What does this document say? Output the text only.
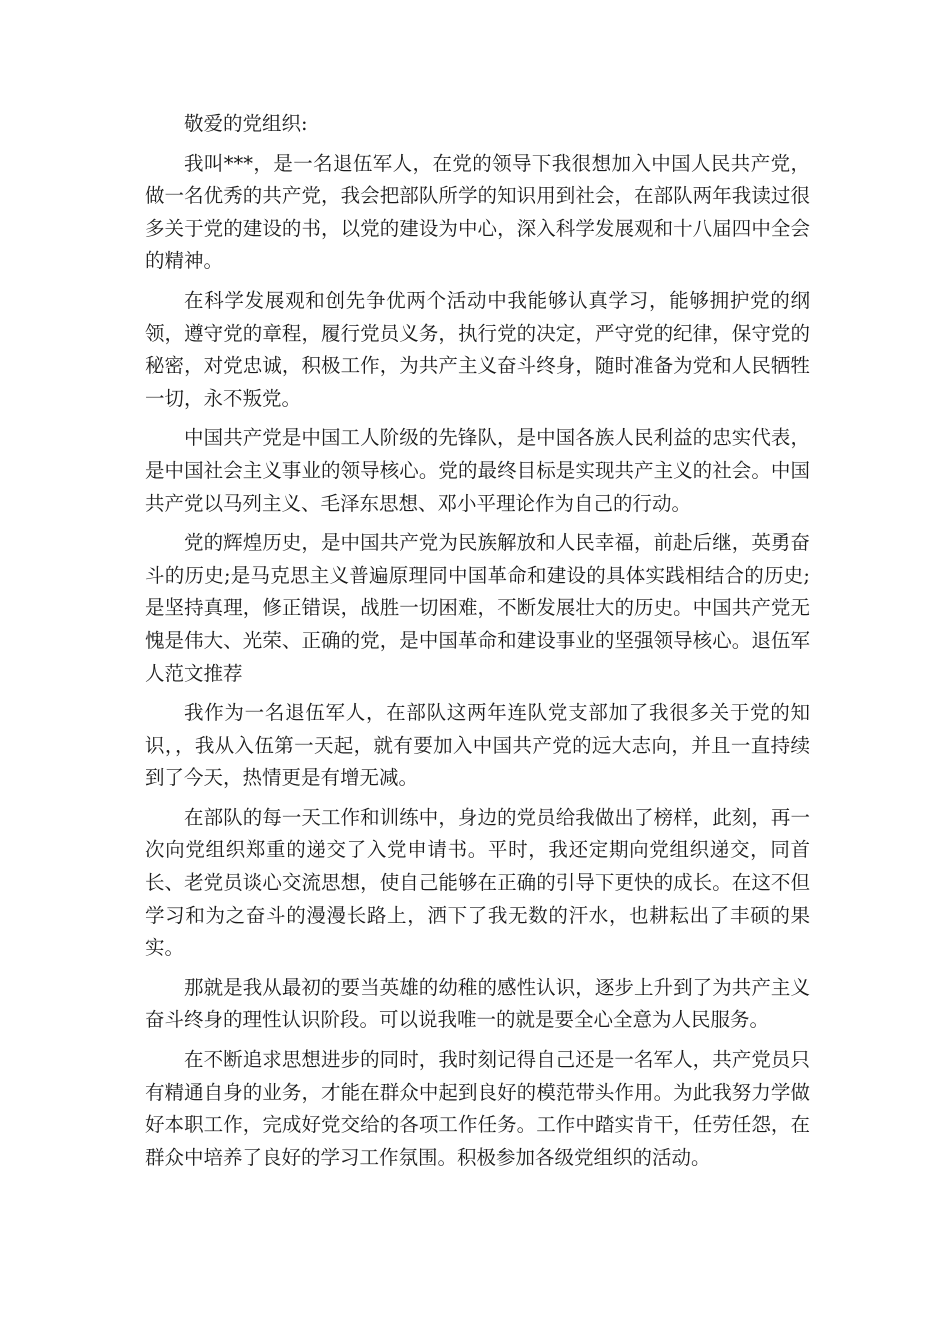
敬爱的党组织:

我叫***，是一名退伍军人，在党的领导下我很想加入中国人民共产党，做一名优秀的共产党，我会把部队所学的知识用到社会，在部队两年我读过很多关于党的建设的书，以党的建设为中心，深入科学发展观和十八届四中全会的精神。

在科学发展观和创先争优两个活动中我能够认真学习，能够拥护党的纲领，遵守党的章程，履行党员义务，执行党的决定，严守党的纪律，保守党的秘密，对党忠诚，积极工作，为共产主义奋斗终身，随时准备为党和人民牺牲一切，永不叛党。

中国共产党是中国工人阶级的先锋队，是中国各族人民利益的忠实代表，是中国社会主义事业的领导核心。党的最终目标是实现共产主义的社会。中国共产党以马列主义、毛泽东思想、邓小平理论作为自己的行动。

党的辉煌历史，是中国共产党为民族解放和人民幸福，前赴后继，英勇奋斗的历史;是马克思主义普遍原理同中国革命和建设的具体实践相结合的历史;是坚持真理，修正错误，战胜一切困难，不断发展壮大的历史。中国共产党无愧是伟大、光荣、正确的党，是中国革命和建设事业的坚强领导核心。退伍军人范文推荐

我作为一名退伍军人，在部队这两年连队党支部加了我很多关于党的知识，，我从入伍第一天起，就有要加入中国共产党的远大志向，并且一直持续到了今天，热情更是有增无减。

在部队的每一天工作和训练中，身边的党员给我做出了榜样，此刻，再一次向党组织郑重的递交了入党申请书。平时，我还定期向党组织递交，同首长、老党员谈心交流思想，使自己能够在正确的引导下更快的成长。在这不但学习和为之奋斗的漫漫长路上，洒下了我无数的汗水，也耕耘出了丰硕的果实。

那就是我从最初的要当英雄的幼稚的感性认识，逐步上升到了为共产主义奋斗终身的理性认识阶段。可以说我唯一的就是要全心全意为人民服务。

在不断追求思想进步的同时，我时刻记得自己还是一名军人，共产党员只有精通自身的业务，才能在群众中起到良好的模范带头作用。为此我努力学做好本职工作，完成好党交给的各项工作任务。工作中踏实肯干，任劳任怨，在群众中培养了良好的学习工作氛围。积极参加各级党组织的活动。
